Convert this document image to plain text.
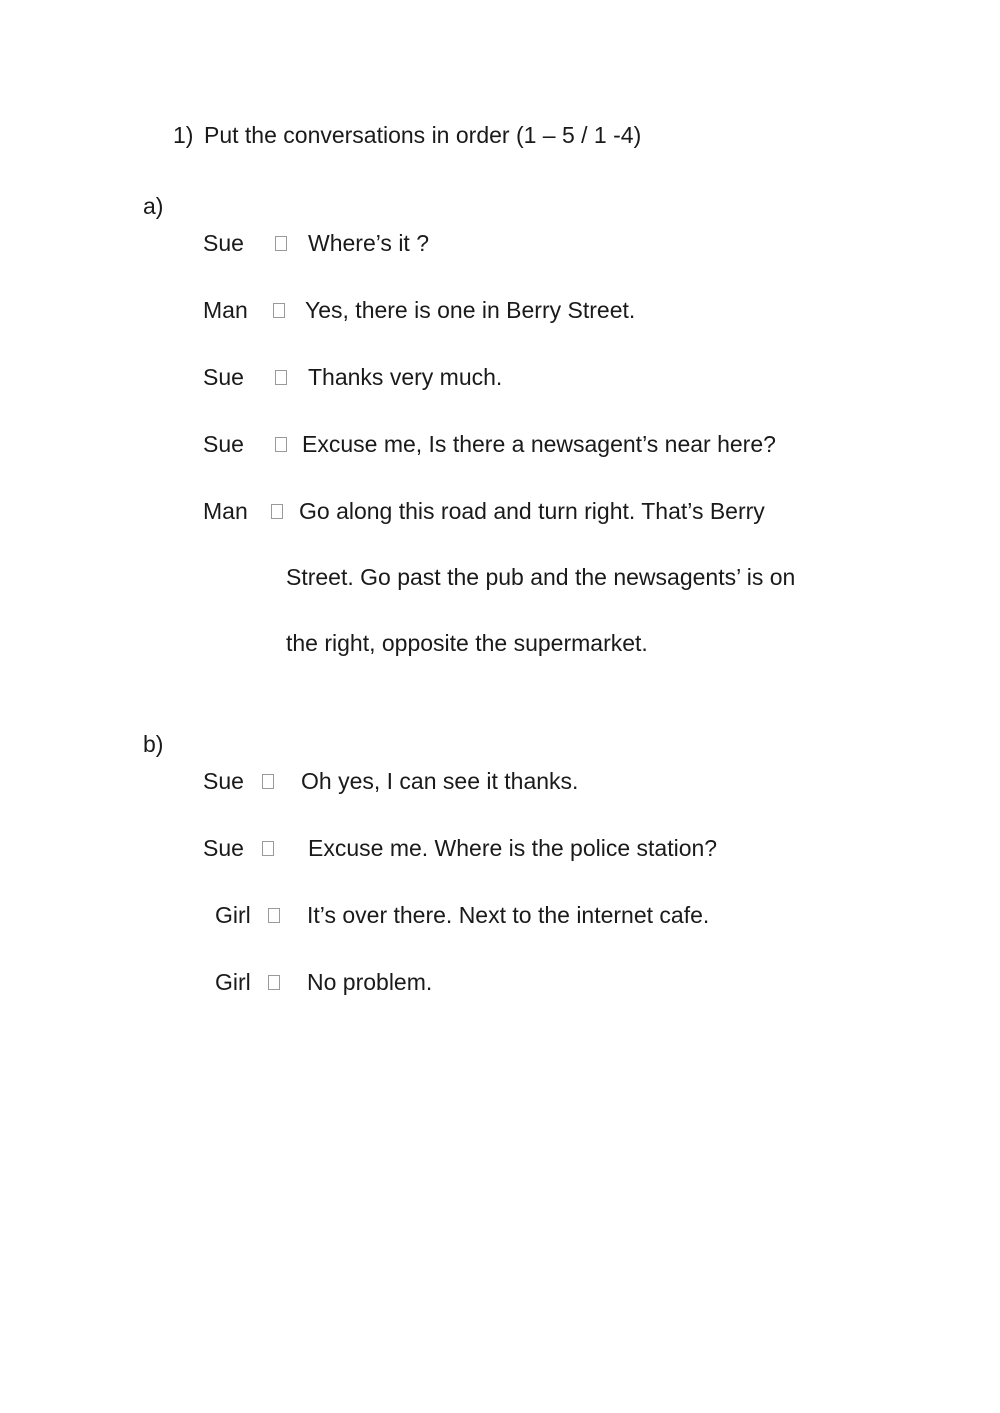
1) Put the conversations in order (1 – 5 / 1 -4)
a)
Sue	Where’s it ?
Man Yes, there is one in Berry Street.
Sue	Thanks very much.
Sue	Excuse me, Is there a newsagent’s near here?
Man Go along this road and turn right. That’s Berry
Street. Go past the pub and the newsagents’ is on
the right, opposite the supermarket.
b)
Sue Oh yes, I can see it thanks.
Sue	Excuse me. Where is the police station?
Girl It’s over there. Next to the internet cafe.
Girl No problem.
